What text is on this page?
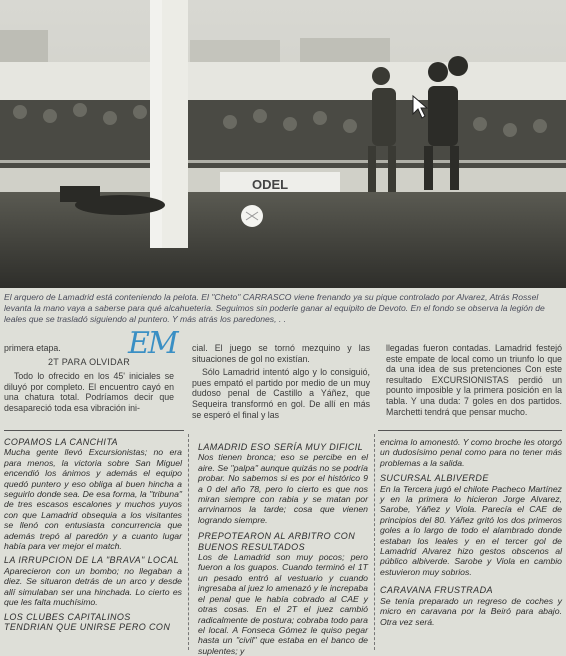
ODEL
El arquero de Lamadrid está conteniendo la pelota. El "Cheto" CARRASCO viene frenando ya su pique controlado por Alvarez, Atrás Rossel levanta la mano vaya a saberse para qué alcahueteria. Seguimos sin poderle ganar al equipito de Devoto. En el fondo se observa la legión de leales que se trasladó siguiendo al puntero. Y más atrás los paredones, . .
EM

primera etapa.

2T PARA OLVIDAR

Todo lo ofrecido en los 45' iniciales se diluyó por completo. El encuentro cayó en una chatura total. Podríamos decir que desapareció toda esa vibración ini-

cial. El juego se tornó mezquino y las situaciones de gol no existían.

Sólo Lamadrid intentó algo y lo consiguió, pues empató el partido por medio de un muy dudoso penal de Castillo a Yáñez, que Sequeira transformó en gol. De allí en más se esperó el final y las

llegadas fueron contadas. Lamadrid festejó este empate de local como un triunfo lo que da una idea de sus pretenciones Con este resultado EXCURSIONISTAS perdió un pounto imposible y la primera posición en la tabla. Y una duda: 7 goles en dos partidos. Marchetti tendrá que pensar mucho.

COPAMOS LA CANCHITA

Mucha gente llevó Excursionistas; no era para menos, la victoria sobre San Miguel encendió los ánimos y además el equipo quedó puntero y eso obliga al buen hincha a seguirlo donde sea. De esa forma, la "tribuna" de tres escasos escalones y muchos yuyos con que Lamadrid obsequia a los visitantes se llenó con entusiasta concurrencia que además trepó al paredón y a cuanto lugar había para ver mejor el match.

LA IRRUPCION DE LA "BRAVA" LOCAL

Aparecieron con un bombo; no llegaban a diez. Se situaron detrás de un arco y desde allí simulaban ser una hinchada. Lo cierto es que les falta muchísimo.

LOS CLUBES CAPITALINOS TENDRIAN QUE UNIRSE PERO CON
LAMADRID ESO SERÍA MUY DIFICIL

Nos tienen bronca; eso se percibe en el aire. Se "palpa" aunque quizás no se podría probar. No sabemos si es por el histórico 9 a 0 del año 78, pero lo cierto es que nos miran siempre con rabia y se matan por arrvinarnos la tarde; cosa que vienen logrando siempre.

PREPOTEARON AL ARBITRO CON BUENOS RESULTADOS

Los de Lamadrid son muy pocos; pero fueron a los guapos. Cuando terminó el 1T un pesado entró al vestuario y cuando ingresaba al juez lo amenazó y le increpaba el penal que le había cobrado al CAE y otras cosas. En el 2T el juez cambió radicalmente de postura; cobraba todo para el local. A Fonseca Gómez le quiso pegar hasta un "civil" que estaba en el banco de suplentes; y

encima lo amonestó. Y como broche les otorgó un dudosísimo penal como para no tener más problemas a la salida.

SUCURSAL ALBIVERDE

En la Tercera jugó el chilote Pacheco Martínez y en la primera lo hicieron Jorge Alvarez, Sarobe, Yáñez y Viola. Parecía el CAE de principios del 80. Yáñez gritó los dos primeros goles a lo largo de todo el alambrado donde estaban los leales y en el tercer gol de Lamadrid Alvarez hizo gestos obscenos al público albiverde. Sarobe y Viola en cambio estuvieron muy sobrios.

CARAVANA FRUSTRADA

Se tenía preparado un regreso de coches y micro en caravana por la Beiró para abajo. Otra vez será.
